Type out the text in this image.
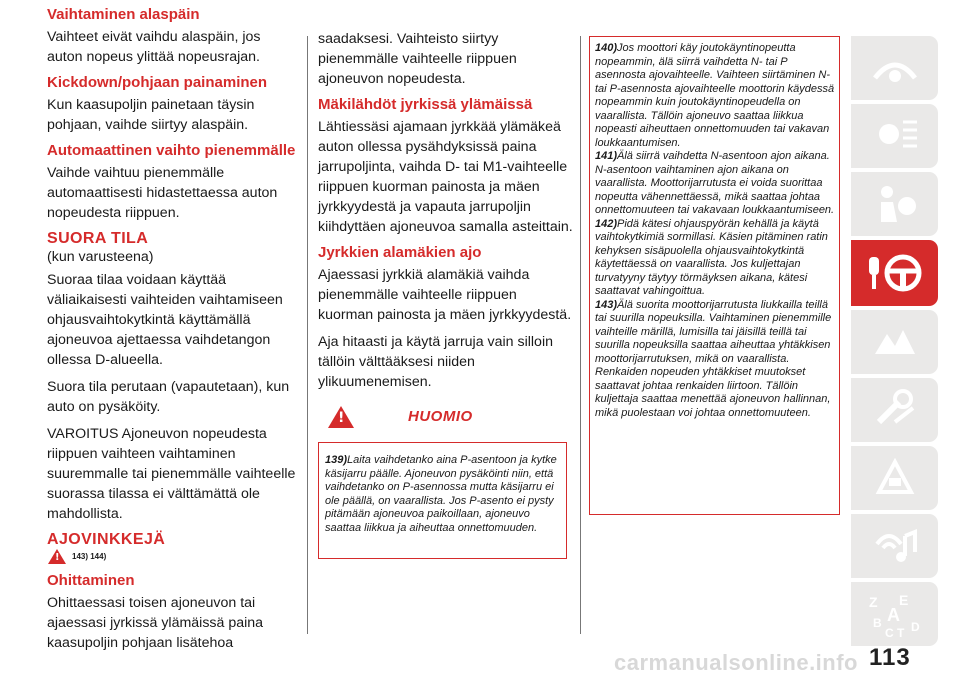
Vaihtaminen alaspäin

Vaihteet eivät vaihdu alaspäin, jos auton nopeus ylittää nopeusrajan.

Kickdown/pohjaan painaminen

Kun kaasupoljin painetaan täysin pohjaan, vaihde siirtyy alaspäin.

Automaattinen vaihto pienemmälle

Vaihde vaihtuu pienemmälle automaattisesti hidastettaessa auton nopeudesta riippuen.

SUORA TILA

(kun varusteena)

Suoraa tilaa voidaan käyttää väliaikaisesti vaihteiden vaihtamiseen ohjausvaihtokytkintä käyttämällä ajoneuvoa ajettaessa vaihdetangon ollessa D-alueella.

Suora tila perutaan (vapautetaan), kun auto on pysäköity.

VAROITUS Ajoneuvon nopeudesta riippuen vaihteen vaihtaminen suuremmalle tai pienemmälle vaihteelle suorassa tilassa ei välttämättä ole mahdollista.

AJOVINKKEJÄ
!
143) 144)
Ohittaminen

Ohittaessasi toisen ajoneuvon tai ajaessasi jyrkissä ylämäissä paina kaasupoljin pohjaan lisätehoa

saadaksesi. Vaihteisto siirtyy pienemmälle vaihteelle riippuen ajoneuvon nopeudesta.

Mäkilähdöt jyrkissä ylämäissä

Lähtiessäsi ajamaan jyrkkää ylämäkeä auton ollessa pysähdyksissä paina jarrupoljinta, vaihda D- tai M1-vaihteelle riippuen kuorman painosta ja mäen jyrkkyydestä ja vapauta jarrupoljin kiihdyttäen ajoneuvoa samalla asteittain.

Jyrkkien alamäkien ajo

Ajaessasi jyrkkiä alamäkiä vaihda pienemmälle vaihteelle riippuen kuorman painosta ja mäen jyrkkyydestä.

Aja hitaasti ja käytä jarruja vain silloin tällöin välttääksesi niiden ylikuumenemisen.

!
HUOMIO

139)Laita vaihdetanko aina P-asentoon ja kytke käsijarru päälle. Ajoneuvon pysäköinti niin, että vaihdetanko on P-asennossa mutta käsijarru ei ole päällä, on vaarallista. Jos P-asento ei pysty pitämään ajoneuvoa paikoillaan, ajoneuvo saattaa liikkua ja aiheuttaa onnettomuuden.

140)Jos moottori käy joutokäyntinopeutta nopeammin, älä siirrä vaihdetta N- tai P asennosta ajovaihteelle. Vaihteen siirtäminen N- tai P-asennosta ajovaihteelle moottorin käydessä nopeammin kuin joutokäyntinopeudella on vaarallista. Tällöin ajoneuvo saattaa liikkua nopeasti aiheuttaen onnettomuuden tai vakavan loukkaantumisen.

141)Älä siirrä vaihdetta N-asentoon ajon aikana. N-asentoon vaihtaminen ajon aikana on vaarallista. Moottorijarrutusta ei voida suorittaa nopeutta vähennettäessä, mikä saattaa johtaa onnettomuuteen tai vakavaan loukkaantumiseen.

142)Pidä kätesi ohjauspyörän kehällä ja käytä vaihtokytkimiä sormillasi. Käsien pitäminen ratin kehyksen sisäpuolella ohjausvaihtokytkintä käytettäessä on vaarallista. Jos kuljettajan turvatyyny täytyy törmäyksen aikana, kätesi saattavat vahingoittua.

143)Älä suorita moottorijarrutusta liukkailla teillä tai suurilla nopeuksilla. Vaihtaminen pienemmille vaihteille märillä, lumisilla tai jäisillä teillä tai suurilla nopeuksilla saattaa aiheuttaa yhtäkkisen moottorijarrutuksen, mikä on vaarallista. Renkaiden nopeuden yhtäkkiset muutokset saattavat johtaa renkaiden liirtoon. Tällöin kuljettaja saattaa menettää ajoneuvon hallinnan, mikä puolestaan voi johtaa onnettomuuteen.

Z E
B A
C T D
113
carmanualsonline.info
